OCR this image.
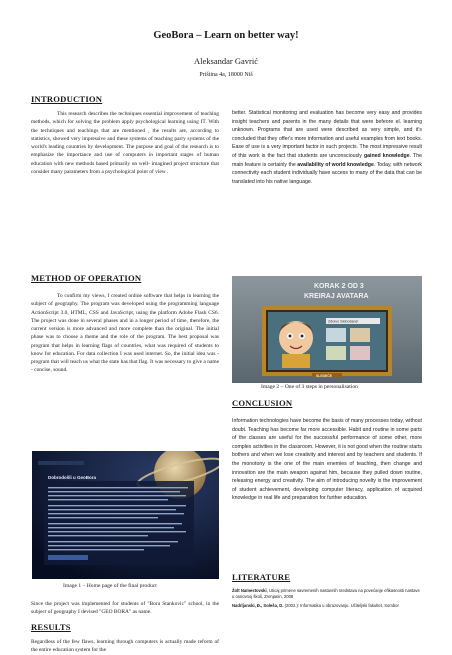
GeoBora – Learn on better way!
Aleksandar Gavrić
Priština 4a, 18000 Niš
INTRODUCTION
This research describes the techniques essential improvement of teaching methods, which for solving the problem apply psychological learning using IT. With the techniques and teachings that are mentioned , the results are, according to statistics, showed very impressive and these systems of teaching parry systems of the world's leading countries by development. The purpose and goal of the research is to emphasize the importance and use of computers in important stages of human education with new methods based primarily on well- imagined project structure that consider many parameters from a psychological point of view .
better. Statistical monitoring and evaluation has become very easy and provides insight teachers and parents in the many details that were befeore el. learning unknown. Programs that are used were described as very simple, and it's concluded that they offer's more information and useful examples from text books. Ease of use is a very important factor in such projects. The most impressive result of this work is the fact that students are unconsciously gained knowledge. The main feature is certainly the availability of world knowledge. Today, with network connectivity each student individually have access to many of the data that can be translated into his native language.
METHOD OF OPERATION
To confirm my views, I created online software that helps in learning the subject of geography. The program was developed using the programming language ActionScript 3.0, HTML, CSS and JavaScript, using the platform Adobe Flash CS6. The project was done in several phases and in a longer period of time, therefore, the current version is more advanced and more complete than the original. The initial phase was to choose a theme and the role of the program. The best proposal was program that helps in learning flags of countries, what was required of students to know for education. For data collection I was used internet. So, the initial idea was - program that will teach us what the state has that flag. It was necessary to give a name - concise, sound.
Dobrodošli u GeoBora
Image 1 – Home page of the final product
Since the project was implemented for students of "Bora Stankovic" school, in the subject of geography I devised "GEO BORA" as name.
RESULTS
Regardless of the few flaws, learning through computers is actually made reform of the entire education system for the
KORAK 2 OD 3
KREIRAJ AVATARA
Zdravo Slobodane!
SLEDEĆE
Image 2 – One of 3 steps in personalisation
CONCLUSION
Information technologies have become the basis of many processes today, without doubt. Teaching has become far more accessible. Habit and routine in some parts of the classes are useful for the successful performance of some other, more complex activities in the classroom. However, it is not good when the routine starts bothers and when we lose creativity and interest and by teachers and students. If the monotony is the one of the main enemies of teaching, then change and innovation are the main weapon against him, because they pulled down routine, releasing energy and creativity. The aim of introducing novelty is the improvement of student achievement, developing computer literacy, application of acquired knowledge in real life and preparation for further education.
LITERATURE
Žolt Namestovski, Uticaj primene savremenih nastavnih sredstava na povećanje efikasnosti nastave u osnovnoj školi, Zrenjanin, 2008
Nadrljanski, Đ., Soleša, D. (2002.): Informatika u obrazovanju. Učiteljski fakultet, Sombor
